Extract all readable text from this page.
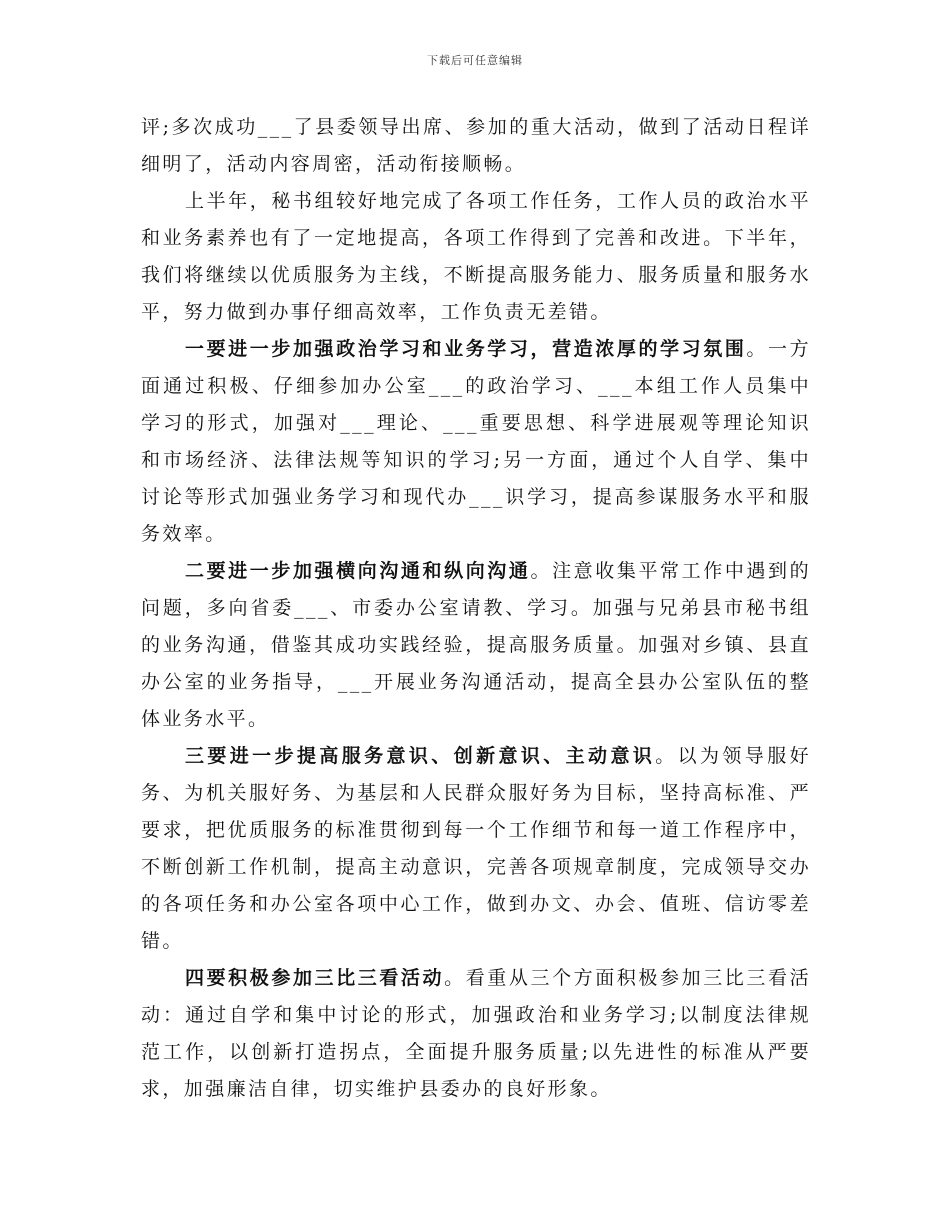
下载后可任意编辑

评;多次成功___了县委领导出席、参加的重大活动，做到了活动日程详细明了，活动内容周密，活动衔接顺畅。

上半年，秘书组较好地完成了各项工作任务，工作人员的政治水平和业务素养也有了一定地提高，各项工作得到了完善和改进。下半年，我们将继续以优质服务为主线，不断提高服务能力、服务质量和服务水平，努力做到办事仔细高效率，工作负责无差错。

一要进一步加强政治学习和业务学习，营造浓厚的学习氛围。一方面通过积极、仔细参加办公室___的政治学习、___本组工作人员集中学习的形式，加强对___理论、___重要思想、科学进展观等理论知识和市场经济、法律法规等知识的学习;另一方面，通过个人自学、集中讨论等形式加强业务学习和现代办___识学习，提高参谋服务水平和服务效率。

二要进一步加强横向沟通和纵向沟通。注意收集平常工作中遇到的问题，多向省委___、市委办公室请教、学习。加强与兄弟县市秘书组的业务沟通，借鉴其成功实践经验，提高服务质量。加强对乡镇、县直办公室的业务指导，___开展业务沟通活动，提高全县办公室队伍的整体业务水平。

三要进一步提高服务意识、创新意识、主动意识。以为领导服好务、为机关服好务、为基层和人民群众服好务为目标，坚持高标准、严要求，把优质服务的标准贯彻到每一个工作细节和每一道工作程序中，不断创新工作机制，提高主动意识，完善各项规章制度，完成领导交办的各项任务和办公室各项中心工作，做到办文、办会、值班、信访零差错。

四要积极参加三比三看活动。看重从三个方面积极参加三比三看活动：通过自学和集中讨论的形式，加强政治和业务学习;以制度法律规范工作，以创新打造拐点，全面提升服务质量;以先进性的标准从严要求，加强廉洁自律，切实维护县委办的良好形象。
